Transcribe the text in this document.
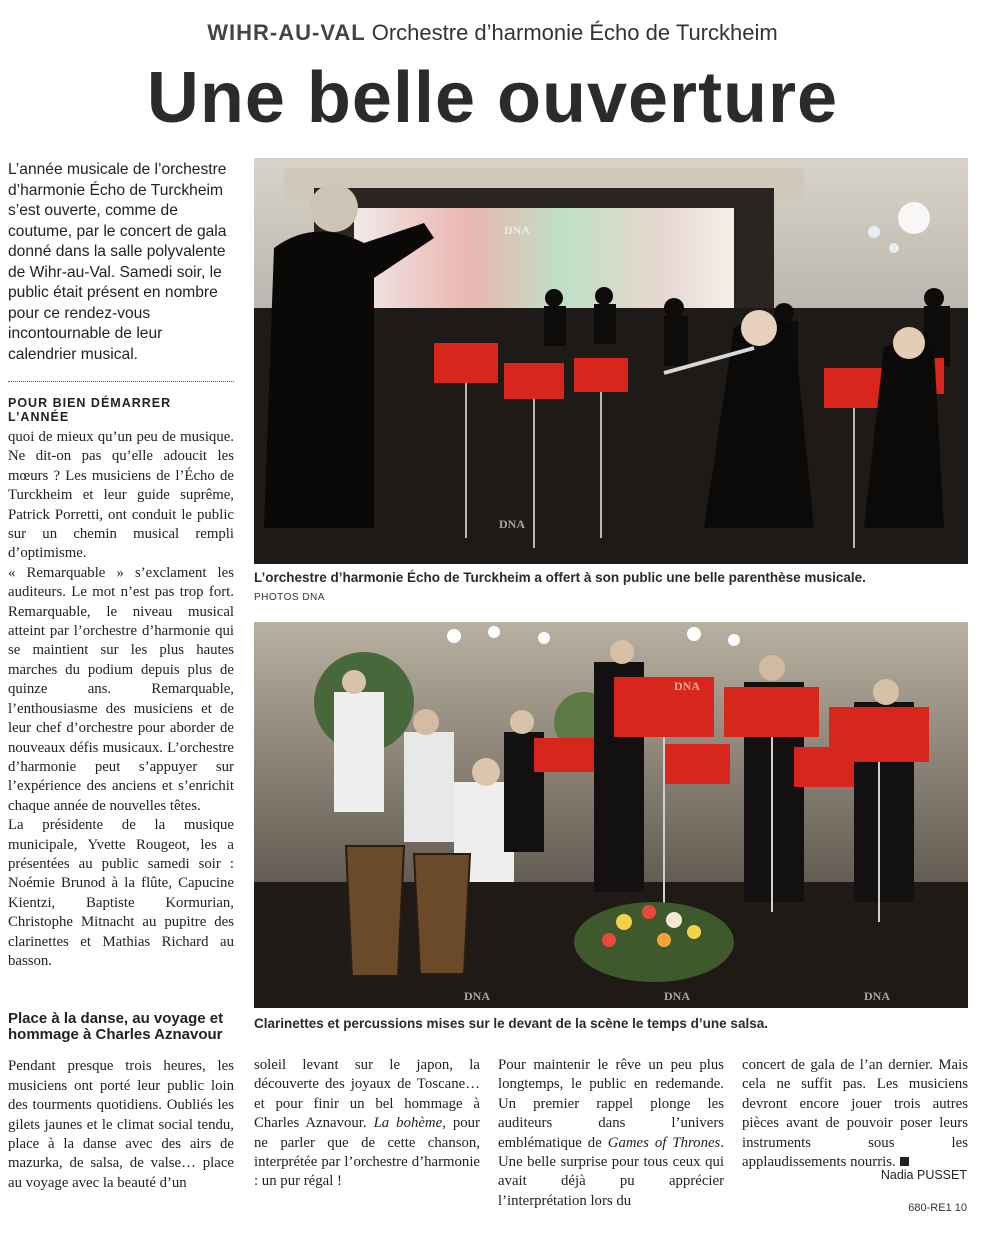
WIHR-AU-VAL Orchestre d’harmonie Écho de Turckheim
Une belle ouverture

L’année musicale de l’orchestre d’harmonie Écho de Turckheim s’est ouverte, comme de coutume, par le concert de gala donné dans la salle polyvalente de Wihr-au-Val. Samedi soir, le public était présent en nombre pour ce rendez-vous incontournable de leur calendrier musical.

POUR BIEN DÉMARRER L’ANNÉE

quoi de mieux qu’un peu de musique. Ne dit-on pas qu’elle adoucit les mœurs ? Les musiciens de l’Écho de Turckheim et leur guide suprême, Patrick Porretti, ont conduit le public sur un chemin musical rempli d’optimisme.

« Remarquable » s’exclament les auditeurs. Le mot n’est pas trop fort. Remarquable, le niveau musical atteint par l’orchestre d’harmonie qui se maintient sur les plus hautes marches du podium depuis plus de quinze ans. Remarquable, l’enthousiasme des musiciens et de leur chef d’orchestre pour aborder de nouveaux défis musicaux. L’orchestre d’harmonie peut s’appuyer sur l’expérience des anciens et s’enrichit chaque année de nouvelles têtes.

La présidente de la musique municipale, Yvette Rougeot, les a présentées au public samedi soir : Noémie Brunod à la flûte, Capucine Kientzi, Baptiste Kormurian, Christophe Mitnacht au pupitre des clarinettes et Mathias Richard au basson.

Place à la danse, au voyage et hommage à Charles Aznavour

Pendant presque trois heures, les musiciens ont porté leur public loin des tourments quotidiens. Oubliés les gilets jaunes et le climat social tendu, place à la danse avec des airs de mazurka, de salsa, de valse… place au voyage avec la beauté d’un

DNA
DNA
L’orchestre d’harmonie Écho de Turckheim a offert à son public une belle parenthèse musicale.
PHOTOS DNA
DNA	DNA	DNA
DNA
Clarinettes et percussions mises sur le devant de la scène le temps d’une salsa.
soleil levant sur le japon, la découverte des joyaux de Toscane… et pour finir un bel hommage à Charles Aznavour. La bohème, pour ne parler que de cette chanson, interprétée par l’orchestre d’harmonie : un pur régal !
Pour maintenir le rêve un peu plus longtemps, le public en redemande. Un premier rappel plonge les auditeurs dans l’univers emblématique de Games of Thrones. Une belle surprise pour tous ceux qui avait déjà pu apprécier l’interprétation lors du
concert de gala de l’an dernier. Mais cela ne suffit pas. Les musiciens devront encore jouer trois autres pièces avant de pouvoir poser leurs instruments sous les applaudissements nourris.
Nadia PUSSET
680-RE1 10
